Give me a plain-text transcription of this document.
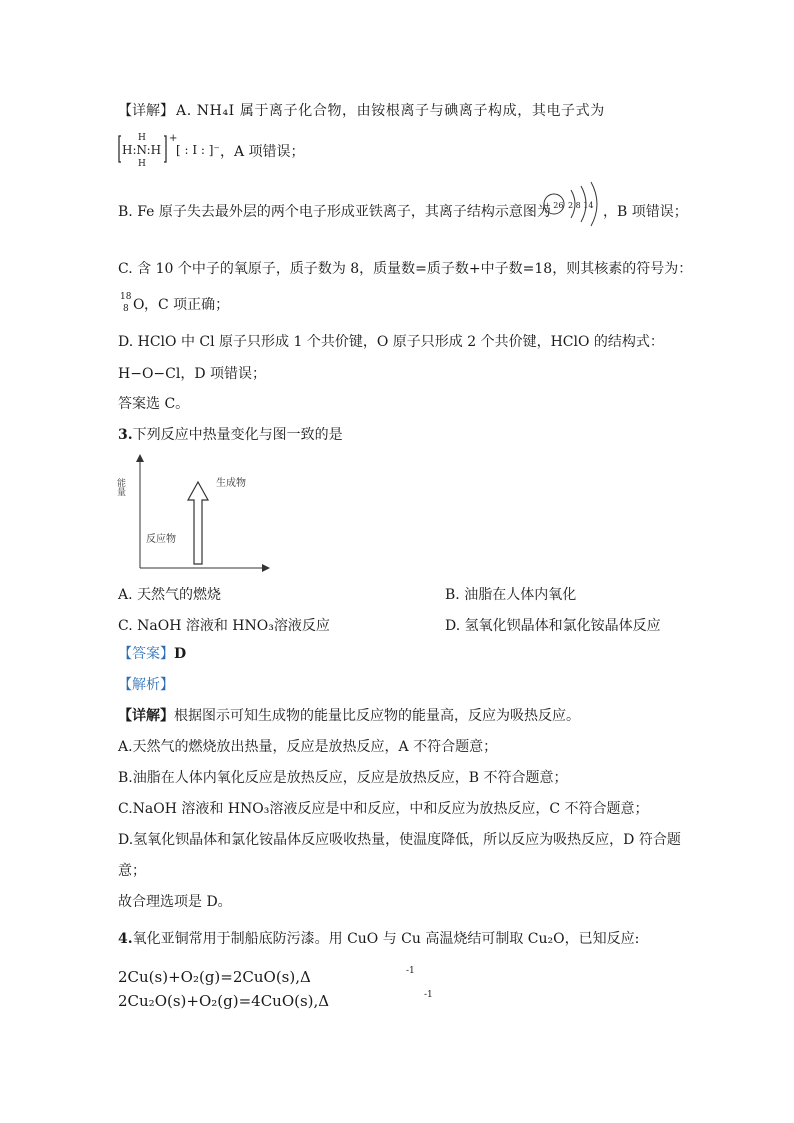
【详解】 A. NH₄I 属于离子化合物，由铵根离子与碘离子构成，其电子式为
H:N:H
H
H
+
[ : I : ]⁻ ，A 项错误；
B. Fe 原子失去最外层的两个电子形成亚铁离子，其离子结构示意图为
+ 26 2 8 14 ，B 项错误；
C. 含 10 个中子的氧原子，质子数为 8，质量数=质子数+中子数=18，则其核素的符号为：
18
8 O ，C 项正确；
D. HClO 中 Cl 原子只形成 1 个共价键，O 原子只形成 2 个共价键，HClO 的结构式：
H−O−Cl，D 项错误；
答案选 C。
3.下列反应中热量变化与图一致的是
能量	生成物
反应物
A. 天然气的燃烧	B. 油脂在人体内氧化
C. NaOH 溶液和 HNO₃溶液反应	D. 氢氧化钡晶体和氯化铵晶体反应
【答案】D
【解析】
【详解】根据图示可知生成物的能量比反应物的能量高，反应为吸热反应。
A.天然气的燃烧放出热量，反应是放热反应，A 不符合题意；
B.油脂在人体内氧化反应是放热反应，反应是放热反应，B 不符合题意；
C.NaOH 溶液和 HNO₃溶液反应是中和反应，中和反应为放热反应，C 不符合题意；
D.氢氧化钡晶体和氯化铵晶体反应吸收热量，使温度降低，所以反应为吸热反应，D 符合题
意；
故合理选项是 D。
4.氧化亚铜常用于制船底防污漆。用 CuO 与 Cu 高温烧结可制取 Cu₂O，已知反应:
2Cu(s)+O₂(g)=2CuO(s),Δ	-1
2Cu₂O(s)+O₂(g)=4CuO(s),Δ	-1
